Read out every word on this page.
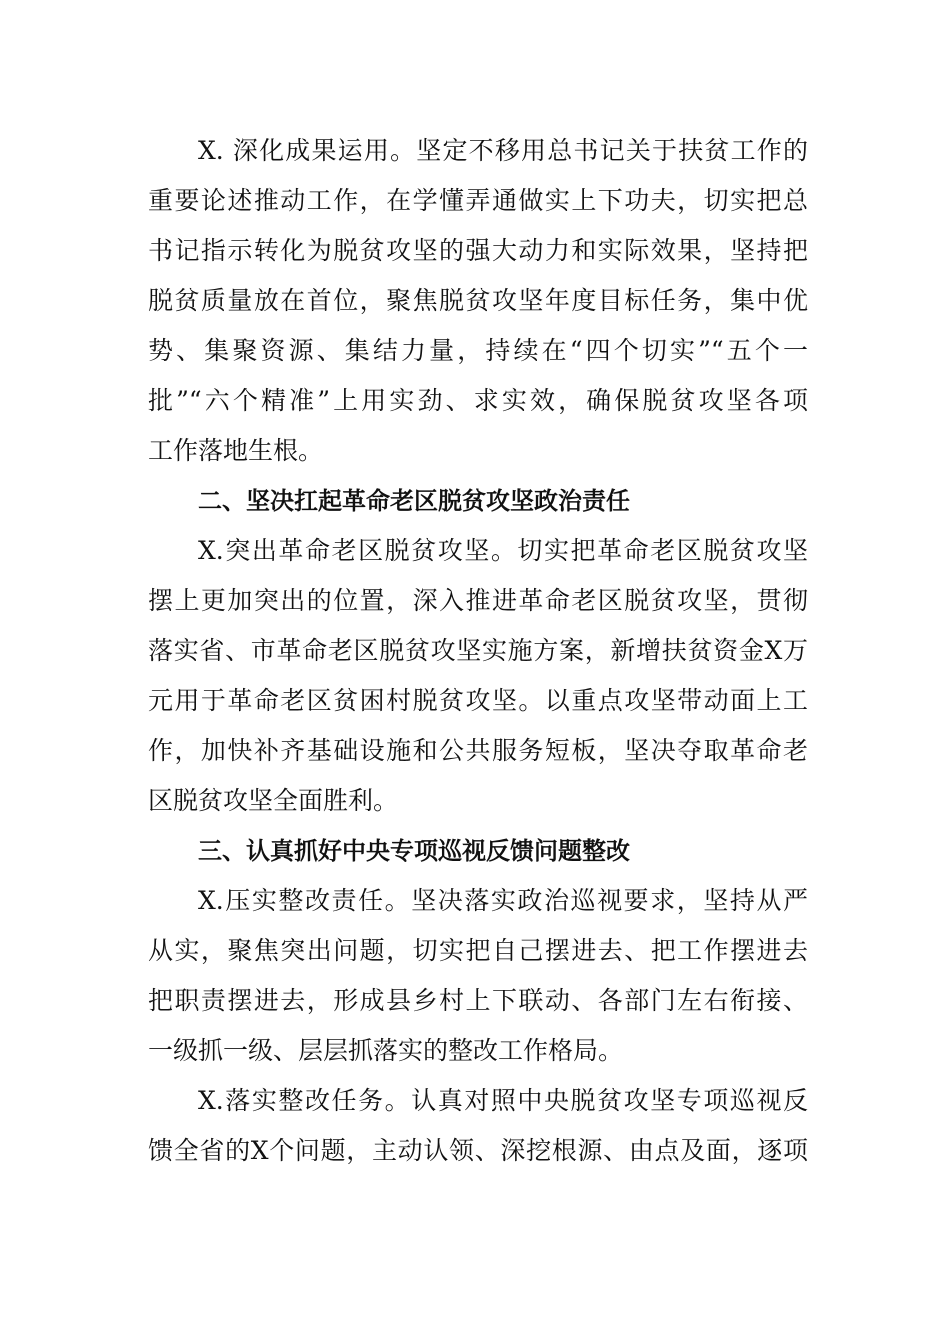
X. 深化成果运用。坚定不移用总书记关于扶贫工作的
重要论述推动工作，在学懂弄通做实上下功夫，切实把总
书记指示转化为脱贫攻坚的强大动力和实际效果，坚持把
脱贫质量放在首位，聚焦脱贫攻坚年度目标任务，集中优
势、集聚资源、集结力量，持续在“四个切实”“五个一
批”“六个精准”上用实劲、求实效，确保脱贫攻坚各项
工作落地生根。
二、坚决扛起革命老区脱贫攻坚政治责任
X.突出革命老区脱贫攻坚。切实把革命老区脱贫攻坚
摆上更加突出的位置，深入推进革命老区脱贫攻坚，贯彻
落实省、市革命老区脱贫攻坚实施方案，新增扶贫资金X万
元用于革命老区贫困村脱贫攻坚。以重点攻坚带动面上工
作，加快补齐基础设施和公共服务短板，坚决夺取革命老
区脱贫攻坚全面胜利。
三、认真抓好中央专项巡视反馈问题整改
X.压实整改责任。坚决落实政治巡视要求，坚持从严
从实，聚焦突出问题，切实把自己摆进去、把工作摆进去
把职责摆进去，形成县乡村上下联动、各部门左右衔接、
一级抓一级、层层抓落实的整改工作格局。
X.落实整改任务。认真对照中央脱贫攻坚专项巡视反
馈全省的X个问题，主动认领、深挖根源、由点及面，逐项
